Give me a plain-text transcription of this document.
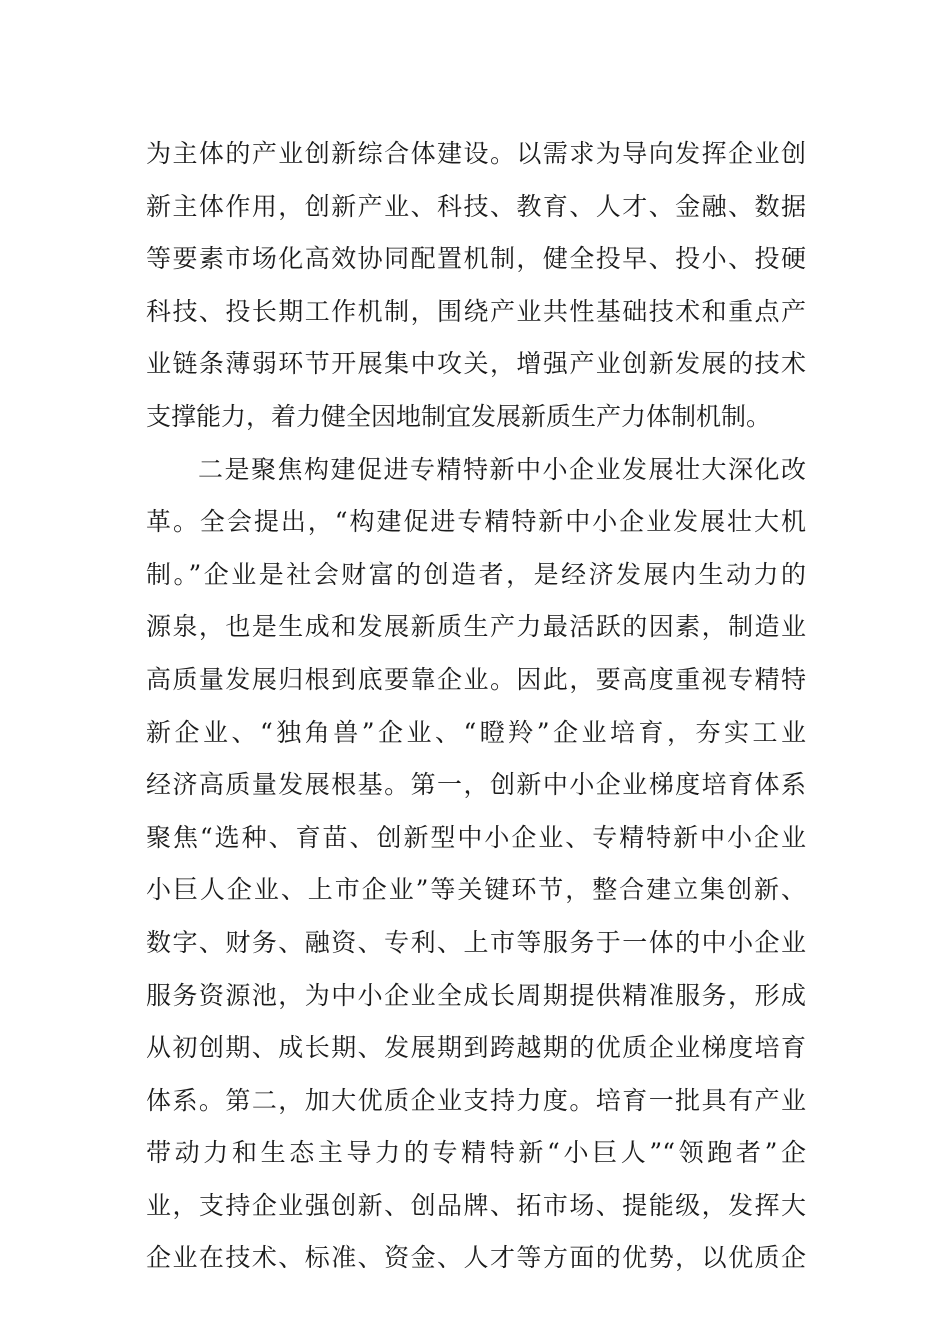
为主体的产业创新综合体建设。以需求为导向发挥企业创
新主体作用，创新产业、科技、教育、人才、金融、数据
等要素市场化高效协同配置机制，健全投早、投小、投硬
科技、投长期工作机制，围绕产业共性基础技术和重点产
业链条薄弱环节开展集中攻关，增强产业创新发展的技术
支撑能力，着力健全因地制宜发展新质生产力体制机制。
二是聚焦构建促进专精特新中小企业发展壮大深化改
革。全会提出，“构建促进专精特新中小企业发展壮大机
制。”企业是社会财富的创造者，是经济发展内生动力的
源泉，也是生成和发展新质生产力最活跃的因素，制造业
高质量发展归根到底要靠企业。因此，要高度重视专精特
新企业、“独角兽”企业、“瞪羚”企业培育，夯实工业
经济高质量发展根基。第一，创新中小企业梯度培育体系
聚焦“选种、育苗、创新型中小企业、专精特新中小企业
小巨人企业、上市企业”等关键环节，整合建立集创新、
数字、财务、融资、专利、上市等服务于一体的中小企业
服务资源池，为中小企业全成长周期提供精准服务，形成
从初创期、成长期、发展期到跨越期的优质企业梯度培育
体系。第二，加大优质企业支持力度。培育一批具有产业
带动力和生态主导力的专精特新“小巨人”“领跑者”企
业，支持企业强创新、创品牌、拓市场、提能级，发挥大
企业在技术、标准、资金、人才等方面的优势，以优质企
